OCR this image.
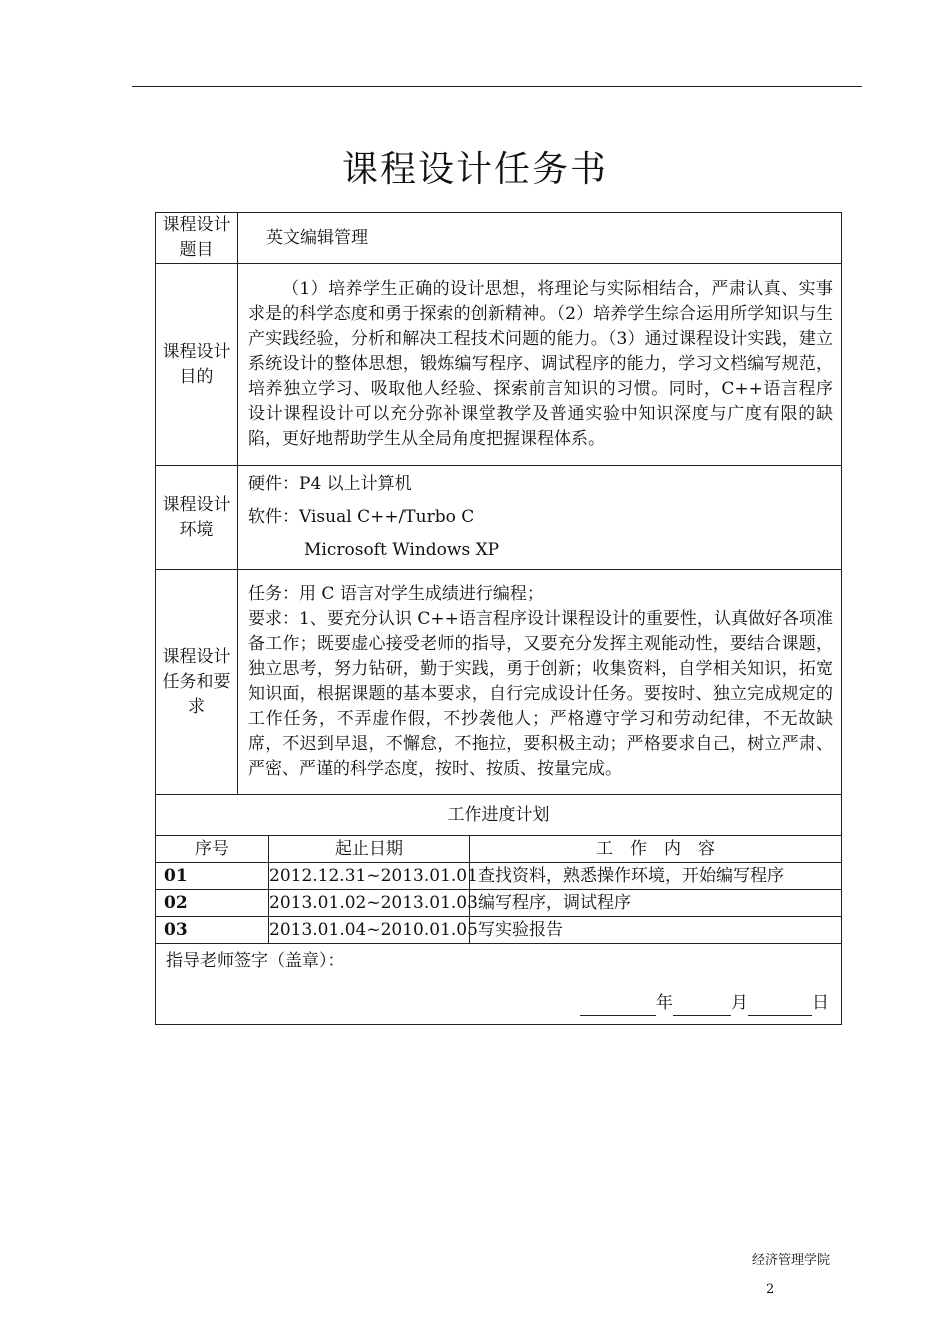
课程设计任务书
课程设计题目	英文编辑管理
课程设计目的	（1）培养学生正确的设计思想，将理论与实际相结合，严肃认真、实事求是的科学态度和勇于探索的创新精神。（2）培养学生综合运用所学知识与生产实践经验，分析和解决工程技术问题的能力。（3）通过课程设计实践，建立系统设计的整体思想，锻炼编写程序、调试程序的能力，学习文档编写规范，培养独立学习、吸取他人经验、探索前言知识的习惯。同时，C++语言程序设计课程设计可以充分弥补课堂教学及普通实验中知识深度与广度有限的缺陷，更好地帮助学生从全局角度把握课程体系。
课程设计环境	硬件：P4 以上计算机
软件：Visual C++/Turbo C
Microsoft Windows XP

课程设计任务和要求	任务：用 C 语言对学生成绩进行编程；
要求：1、要充分认识 C++语言程序设计课程设计的重要性，认真做好各项准备工作；既要虚心接受老师的指导，又要充分发挥主观能动性，要结合课题，独立思考，努力钻研，勤于实践，勇于创新；收集资料，自学相关知识，拓宽知识面，根据课题的基本要求，自行完成设计任务。要按时、独立完成规定的工作任务，不弄虚作假，不抄袭他人；严格遵守学习和劳动纪律，不无故缺席，不迟到早退，不懈怠，不拖拉，要积极主动；严格要求自己，树立严肃、严密、严谨的科学态度，按时、按质、按量完成。
工作进度计划		
序号	起止日期	工　作　内　容
01	2012.12.31~2013.01.01	查找资料，熟悉操作环境，开始编写程序
02	2013.01.02~2013.01.03	编写程序，调试程序
03	2013.01.04~2010.01.05	写实验报告
指导老师签字（盖章）：
年 月 日		
经济管理学院
2
